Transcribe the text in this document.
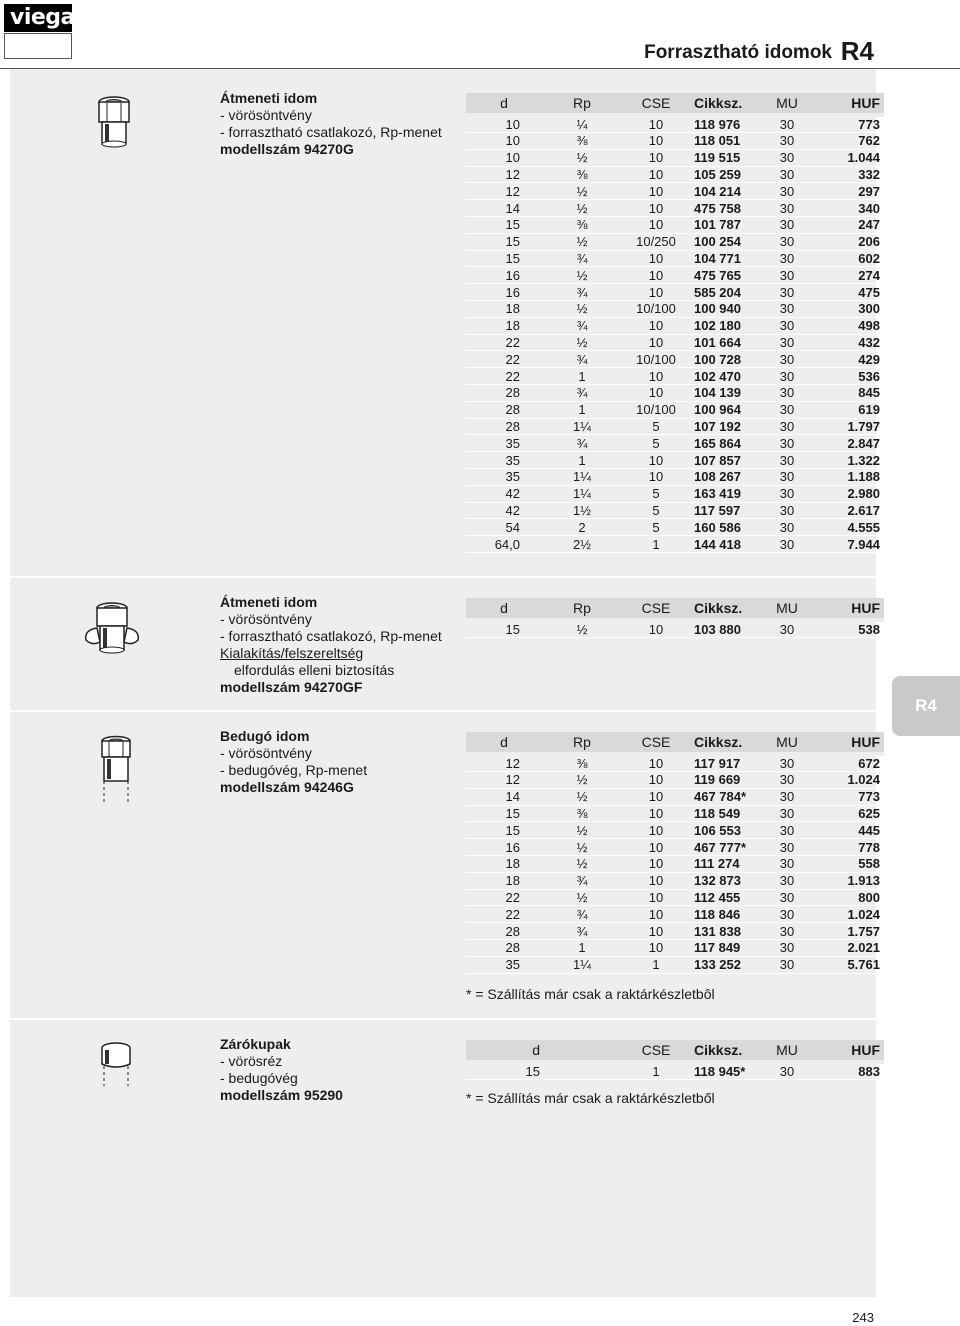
viega
Forrasztható idomok R4
R4
Átmeneti idom
- vörösöntvény
- forrasztható csatlakozó, Rp-menet
modellszám 94270G
d	Rp	CSE	Cikksz.	MU	HUF
10	¼	10	118 976	30	773
10	⅜	10	118 051	30	762
10	½	10	119 515	30	1.044
12	⅜	10	105 259	30	332
12	½	10	104 214	30	297
14	½	10	475 758	30	340
15	⅜	10	101 787	30	247
15	½	10/250	100 254	30	206
15	¾	10	104 771	30	602
16	½	10	475 765	30	274
16	¾	10	585 204	30	475
18	½	10/100	100 940	30	300
18	¾	10	102 180	30	498
22	½	10	101 664	30	432
22	¾	10/100	100 728	30	429
22	1	10	102 470	30	536
28	¾	10	104 139	30	845
28	1	10/100	100 964	30	619
28	1¼	5	107 192	30	1.797
35	¾	5	165 864	30	2.847
35	1	10	107 857	30	1.322
35	1¼	10	108 267	30	1.188
42	1¼	5	163 419	30	2.980
42	1½	5	117 597	30	2.617
54	2	5	160 586	30	4.555
64,0	2½	1	144 418	30	7.944
Átmeneti idom
- vörösöntvény
- forrasztható csatlakozó, Rp-menet
Kialakítás/felszereltség
elfordulás elleni biztosítás
modellszám 94270GF
d	Rp	CSE	Cikksz.	MU	HUF
15	½	10	103 880	30	538
Bedugó idom
- vörösöntvény
- bedugóvég, Rp-menet
modellszám 94246G
d	Rp	CSE	Cikksz.	MU	HUF
12	⅜	10	117 917	30	672
12	½	10	119 669	30	1.024
14	½	10	467 784*	30	773
15	⅜	10	118 549	30	625
15	½	10	106 553	30	445
16	½	10	467 777*	30	778
18	½	10	111 274	30	558
18	¾	10	132 873	30	1.913
22	½	10	112 455	30	800
22	¾	10	118 846	30	1.024
28	¾	10	131 838	30	1.757
28	1	10	117 849	30	2.021
35	1¼	1	133 252	30	5.761
* = Szállítás már csak a raktárkészletbôl
Zárókupak
- vörösréz
- bedugóvég
modellszám 95290
d	CSE	Cikksz.	MU	HUF
15	1	118 945*	30	883
* = Szállítás már csak a raktárkészletből
243
